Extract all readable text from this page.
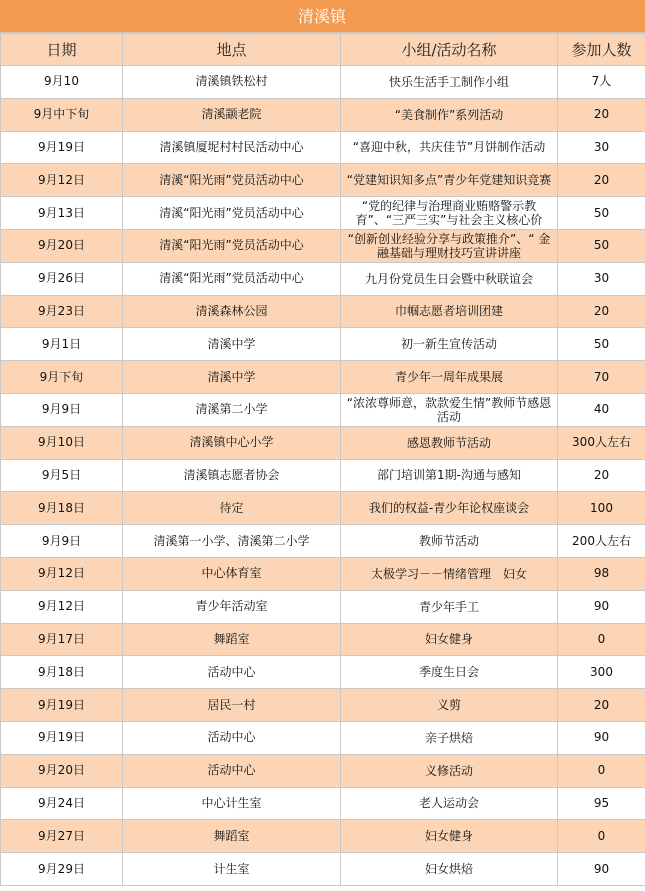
清溪镇
日期	地点	小组/活动名称	参加人数
9月10	清溪镇铁松村	快乐生活手工制作小组	7人
9月中下旬	清溪颛老院	“美食制作”系列活动	20
9月19日	清溪镇厦坭村村民活动中心	“喜迎中秋，共庆佳节”月饼制作活动	30
9月12日	清溪“阳光雨”党员活动中心	“党建知识知多点”青少年党建知识竞赛	20
9月13日	清溪“阳光雨”党员活动中心	“党的纪律与治理商业贿赂警示教育”、“三严三实”与社会主义核心价	50
9月20日	清溪“阳光雨”党员活动中心	“创新创业经验分享与政策推介”、“ 金融基础与理财技巧宣讲讲座	50
9月26日	清溪“阳光雨”党员活动中心	九月份党员生日会暨中秋联谊会	30
9月23日	清溪森林公园	巾帼志愿者培训团建	20
9月1日	清溪中学	初一新生宣传活动	50
9月下旬	清溪中学	青少年一周年成果展	70
9月9日	清溪第二小学	“浓浓尊师意，款款爱生情”教师节感恩活动	40
9月10日	清溪镇中心小学	感恩教师节活动	300人左右
9月5日	清溪镇志愿者协会	部门培训第1期-沟通与感知	20
9月18日	待定	我们的权益-青少年论权座谈会	100
9月9日	清溪第一小学、清溪第二小学	教师节活动	200人左右
9月12日	中心体育室	太极学习－－情绪管理　妇女	98
9月12日	青少年活动室	青少年手工	90
9月17日	舞蹈室	妇女健身	0
9月18日	活动中心	季度生日会	300
9月19日	居民一村	义剪	20
9月19日	活动中心	亲子烘焙	90
9月20日	活动中心	义修活动	0
9月24日	中心计生室	老人运动会	95
9月27日	舞蹈室	妇女健身	0
9月29日	计生室	妇女烘焙	90
